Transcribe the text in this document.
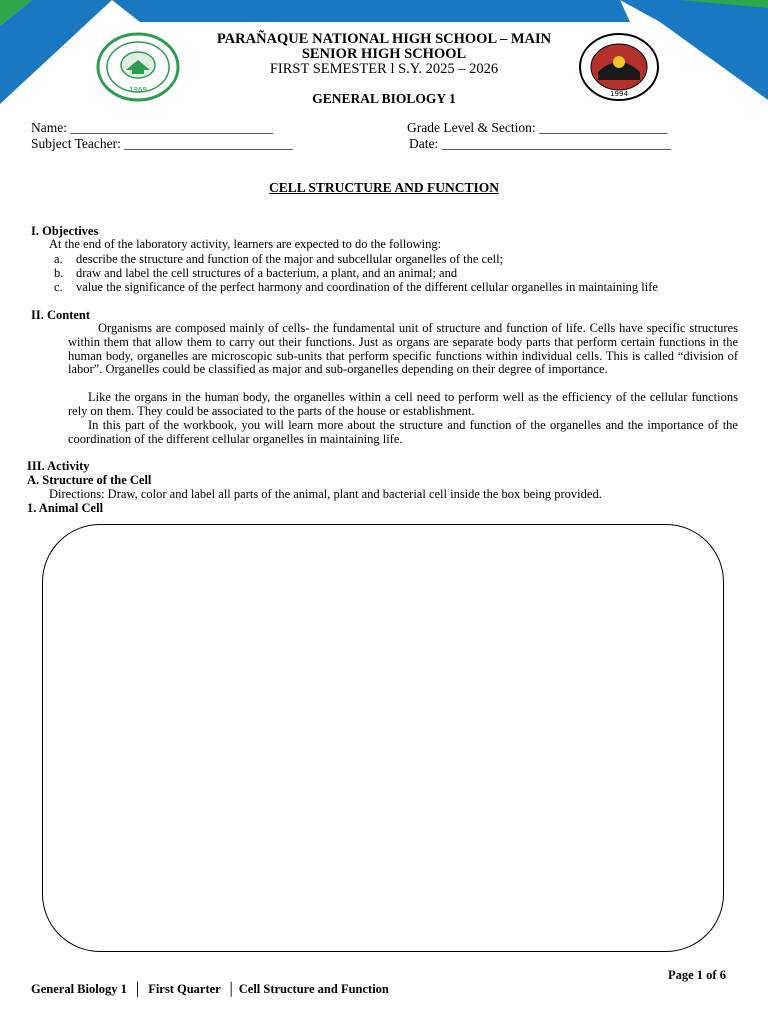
1969	1994
PARAÑAQUE NATIONAL HIGH SCHOOL – MAIN
SENIOR HIGH SCHOOL
FIRST SEMESTER l S.Y. 2025 – 2026
GENERAL BIOLOGY 1
Name: ______________________________	Grade Level & Section: ___________________
Subject Teacher: _________________________	Date: __________________________________
CELL STRUCTURE AND FUNCTION
I. Objectives
At the end of the laboratory activity, learners are expected to do the following:
a. describe the structure and function of the major and subcellular organelles of the cell;
b. draw and label the cell structures of a bacterium, a plant, and an animal; and
c. value the significance of the perfect harmony and coordination of the different cellular organelles in maintaining life
II. Content
Organisms are composed mainly of cells- the fundamental unit of structure and function of life. Cells have specific structures within them that allow them to carry out their functions. Just as organs are separate body parts that perform certain functions in the human body, organelles are microscopic sub-units that perform specific functions within individual cells. This is called “division of labor”. Organelles could be classified as major and sub-organelles depending on their degree of importance.
Like the organs in the human body, the organelles within a cell need to perform well as the efficiency of the cellular functions rely on them. They could be associated to the parts of the house or establishment.
In this part of the workbook, you will learn more about the structure and function of the organelles and the importance of the coordination of the different cellular organelles in maintaining life.
III. Activity
A. Structure of the Cell
Directions: Draw, color and label all parts of the animal, plant and bacterial cell inside the box being provided.
1. Animal Cell
Page 1 of 6
General Biology 1  │  First Quarter  │ Cell Structure and Function
